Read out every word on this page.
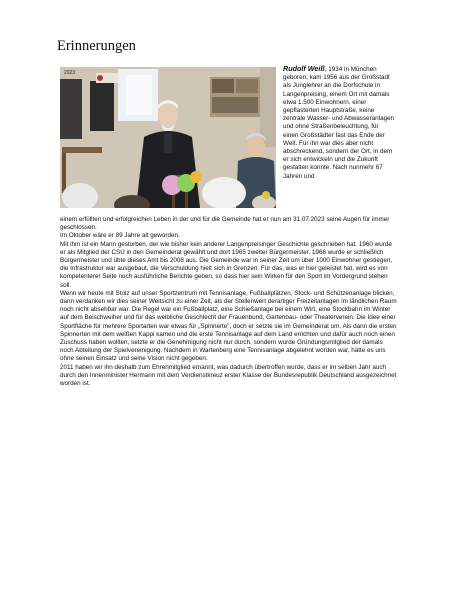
Erinnerungen
2023	Rudolf Weiß, 1934 in München geboren, kam 1956 aus der Großstadt als Junglehrer an die Dorfschule in Langenpreising, einem Ort mit damals etwa 1.500 Einwohnern, einer gepflasterten Hauptstraße, keine zentrale Wasser- und Abwasseranlagen und ohne Straßenbeleuchtung, für einen Großstädter fast das Ende der Welt. Für ihn war dies aber nicht abschreckend, sondern der Ort, in dem er sich entwickeln und die Zukunft gestalten konnte. Nach nunmehr 67 Jahren und

einem erfüllten und erfolgreichen Leben in der und für die Gemeinde hat er nun am 31.07.2023 seine Augen für immer geschlossen.

Im Oktober wäre er 89 Jahre alt geworden.

Mit ihm ist ein Mann gestorben, der wie bisher kein anderer Langenpreisinger Geschichte geschrieben hat. 1960 wurde er als Mitglied der CSU in den Gemeinderat gewählt und dort 1965 zweiter Bürgermeister. 1966 wurde er schließlich Bürgermeister und übte dieses Amt bis 2008 aus. Die Gemeinde war in seiner Zeit um über 1000 Einwohner gestiegen, die Infrastruktur war ausgebaut, die Verschuldung hielt sich in Grenzen. Für das, was er hier geleistet hat, wird es von kompetenterer Seite noch ausführliche Berichte geben, so dass hier sein Wirken für den Sport im Vordergrund stehen soll.

Wenn wir heute mit Stolz auf unser Sportzentrum mit Tennisanlage, Fußballplätzen, Stock- und Schützenanlage blicken, dann verdanken wir dies seiner Weitsicht zu einer Zeit, als der Stellenwert derartiger Freizeitanlagen im ländlichen Raum noch nicht absehbar war. Die Regel war ein Fußballplatz, eine Schießanlage bei einem Wirt, eine Stockbahn im Winter auf dem Beischweiher und für das weibliche Geschlecht der Frauenbund, Gartenbau- oder Theaterverein. Die Idee einer Sportfläche für mehrere Sportarten war etwas für „Spinnerte", doch er setzte sie im Gemeinderat um. Als dann die ersten Spinnerten mit dem weißen Kappi kamen und die erste Tennisanlage auf dem Land errichten und dafür auch noch einen Zuschuss haben wollten, setzte er die Genehmigung nicht nur durch, sondern wurde Gründungsmitglied der damals noch Abteilung der Spielvereinigung. Nachdem in Wartenberg eine Tennisanlage abgelehnt worden war, hätte es uns ohne seinen Einsatz und seine Vision nicht gegeben.

2011 haben wir ihn deshalb zum Ehrenmitglied ernannt, was dadurch übertroffen wurde, dass er im selben Jahr auch durch den Innenminister Hermann mit dem Verdienstkreuz erster Klasse der Bundesrepublik Deutschland ausgezeichnet worden ist.
